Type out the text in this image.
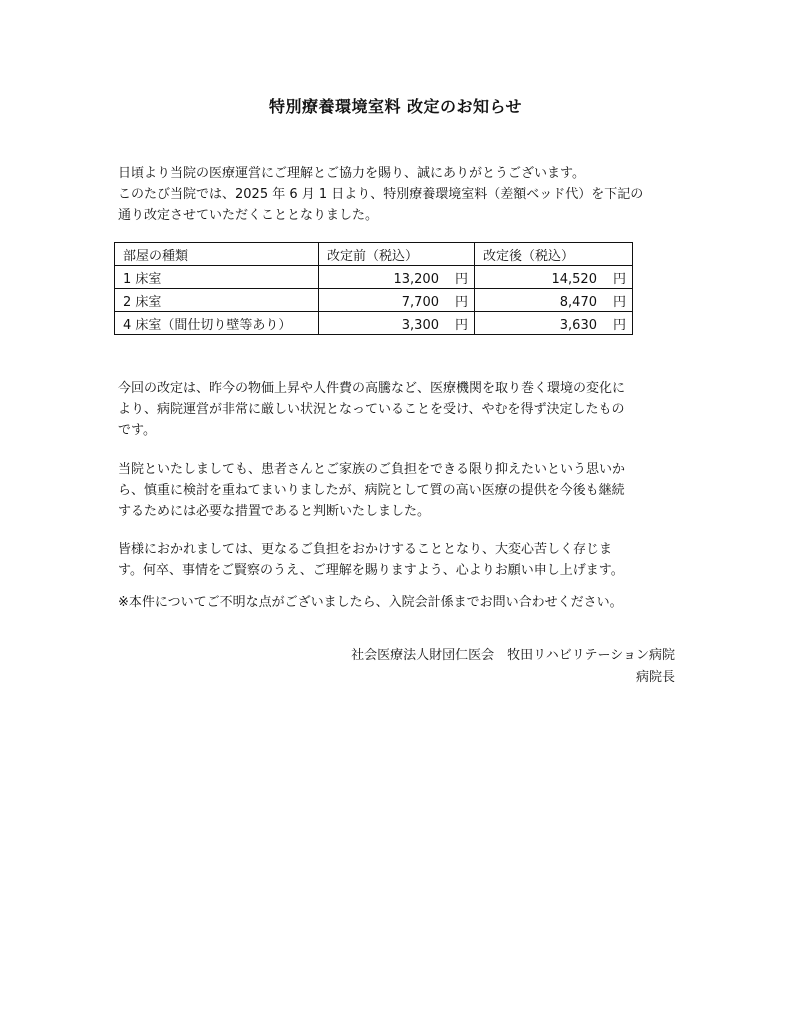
特別療養環境室料 改定のお知らせ

日頃より当院の医療運営にご理解とご協力を賜り、誠にありがとうございます。

このたび当院では、2025 年 6 月 1 日より、特別療養環境室料（差額ベッド代）を下記の
通り改定させていただくこととなりました。

部屋の種類	改定前（税込）	改定後（税込）
1 床室	13,200 円	14,520 円
2 床室	7,700 円	8,470 円
4 床室（間仕切り壁等あり）	3,300 円	3,630 円

今回の改定は、昨今の物価上昇や人件費の高騰など、医療機関を取り巻く環境の変化に
より、病院運営が非常に厳しい状況となっていることを受け、やむを得ず決定したもの
です。

当院といたしましても、患者さんとご家族のご負担をできる限り抑えたいという思いか
ら、慎重に検討を重ねてまいりましたが、病院として質の高い医療の提供を今後も継続
するためには必要な措置であると判断いたしました。

皆様におかれましては、更なるご負担をおかけすることとなり、大変心苦しく存じま
す。何卒、事情をご賢察のうえ、ご理解を賜りますよう、心よりお願い申し上げます。

※本件についてご不明な点がございましたら、入院会計係までお問い合わせください。

社会医療法人財団仁医会　牧田リハビリテーション病院
病院長
